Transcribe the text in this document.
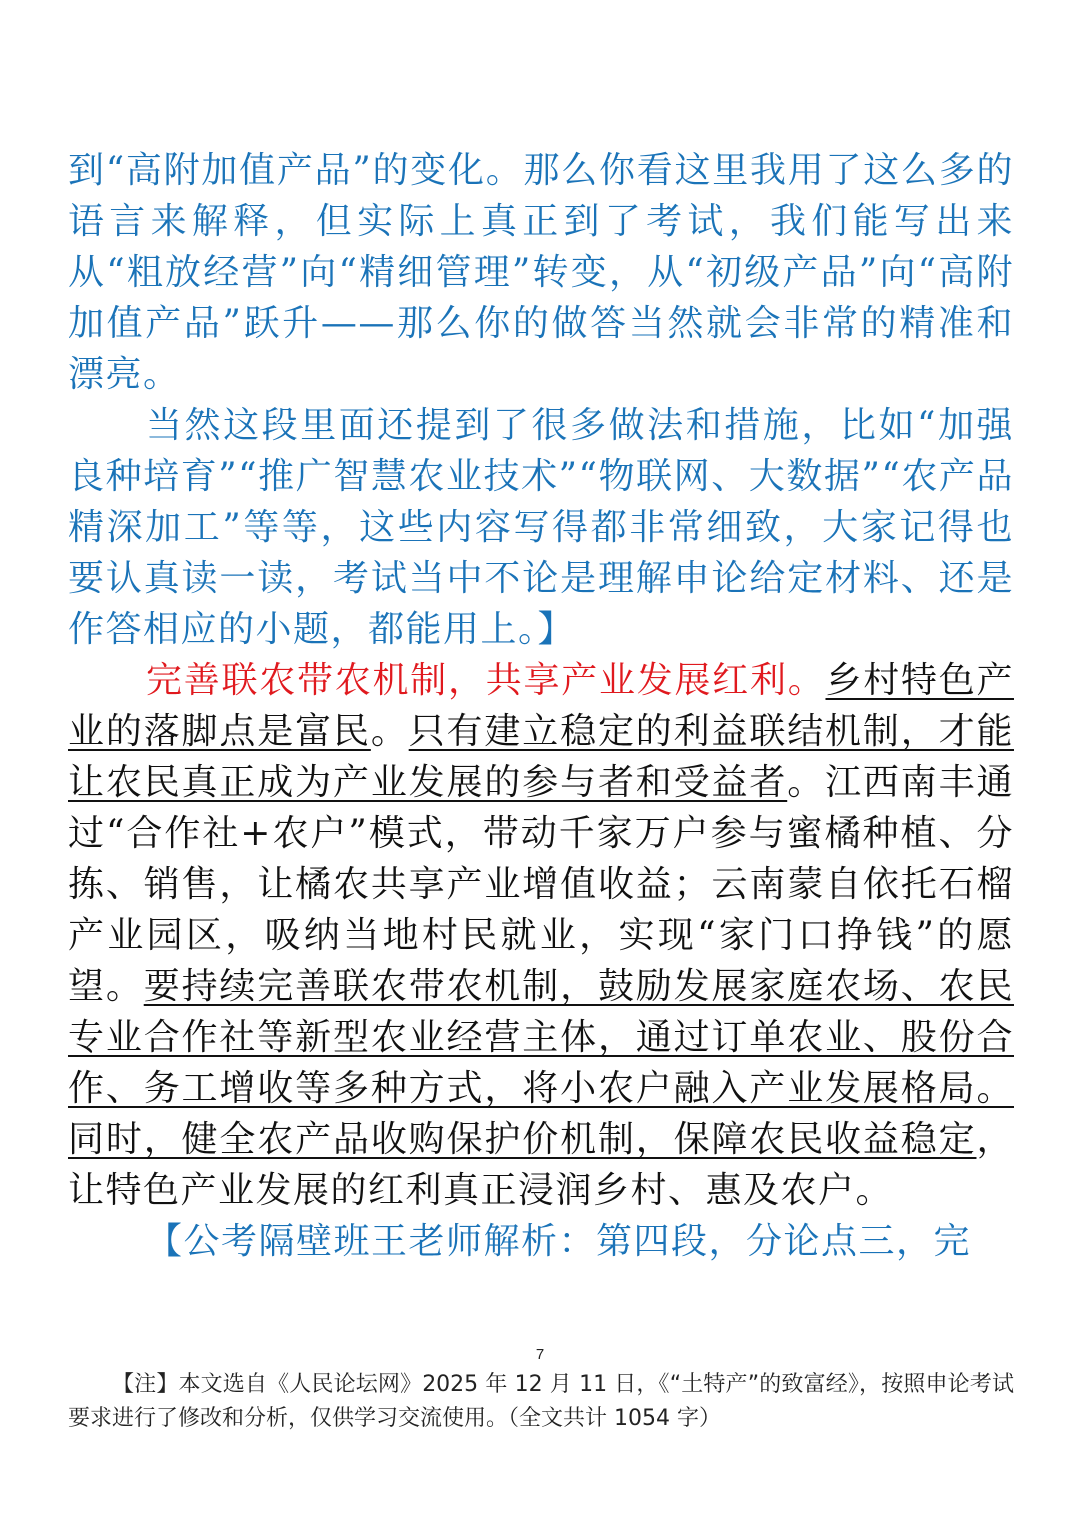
到“高附加值产品”的变化。那么你看这里我用了这么多的语言来解释，但实际上真正到了考试，我们能写出来从“粗放经营”向“精细管理”转变，从“初级产品”向“高附加值产品”跃升——那么你的做答当然就会非常的精准和漂亮。

当然这段里面还提到了很多做法和措施，比如“加强良种培育”“推广智慧农业技术”“物联网、大数据”“农产品精深加工”等等，这些内容写得都非常细致，大家记得也要认真读一读，考试当中不论是理解申论给定材料、还是作答相应的小题，都能用上。】

完善联农带农机制，共享产业发展红利。乡村特色产业的落脚点是富民。只有建立稳定的利益联结机制，才能让农民真正成为产业发展的参与者和受益者。江西南丰通过“合作社+农户”模式，带动千家万户参与蜜橘种植、分拣、销售，让橘农共享产业增值收益；云南蒙自依托石榴产业园区，吸纳当地村民就业，实现“家门口挣钱”的愿望。要持续完善联农带农机制，鼓励发展家庭农场、农民专业合作社等新型农业经营主体，通过订单农业、股份合作、务工增收等多种方式，将小农户融入产业发展格局。同时，健全农产品收购保护价机制，保障农民收益稳定，让特色产业发展的红利真正浸润乡村、惠及农户。

【公考隔壁班王老师解析：第四段，分论点三，完

7
【注】本文选自《人民论坛网》2025 年 12 月 11 日，《“土特产”的致富经》，按照申论考试要求进行了修改和分析，仅供学习交流使用。（全文共计 1054 字）
